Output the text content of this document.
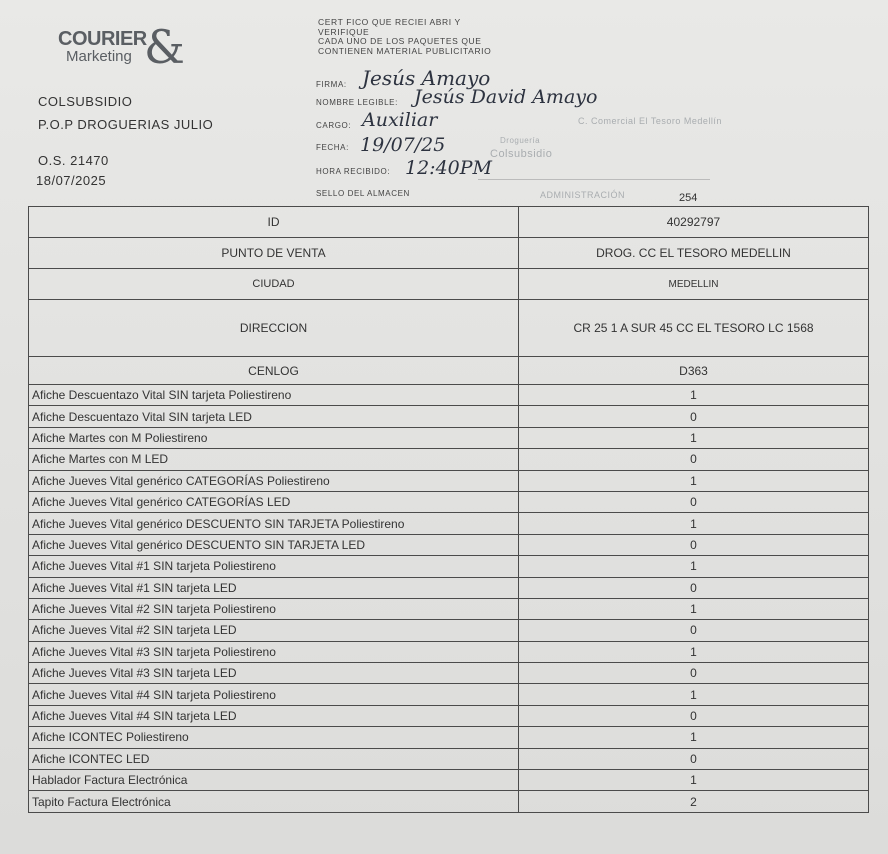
COURIER
Marketing &
COLSUBSIDIO
P.O.P DROGUERIAS JULIO
O.S. 21470
18/07/2025
CERT FICO QUE RECIEI ABRI Y
VERIFIQUE
CADA UNO DE LOS PAQUETES QUE
CONTIENEN MATERIAL PUBLICITARIO
FIRMA: Jesús Amayo
NOMBRE LEGIBLE: Jesús David Amayo
CARGO: Auxiliar
FECHA: 19/07/25
HORA RECIBIDO: 12:40PM
SELLO DEL ALMACEN
C. Comercial El Tesoro Medellín
Droguería
Colsubsidio
ADMINISTRACIÓN	254
ID	40292797
PUNTO DE VENTA	DROG. CC EL TESORO MEDELLIN
CIUDAD	MEDELLIN
DIRECCION	CR 25 1 A SUR 45 CC EL TESORO LC 1568
CENLOG	D363
Afiche Descuentazo Vital SIN tarjeta Poliestireno	1
Afiche Descuentazo Vital SIN tarjeta LED	0
Afiche Martes con M Poliestireno	1
Afiche Martes con M LED	0
Afiche Jueves Vital genérico CATEGORÍAS Poliestireno	1
Afiche Jueves Vital genérico CATEGORÍAS LED	0
Afiche Jueves Vital genérico DESCUENTO SIN TARJETA Poliestireno	1
Afiche Jueves Vital genérico DESCUENTO SIN TARJETA LED	0
Afiche Jueves Vital #1 SIN tarjeta Poliestireno	1
Afiche Jueves Vital #1 SIN tarjeta LED	0
Afiche Jueves Vital #2 SIN tarjeta Poliestireno	1
Afiche Jueves Vital #2 SIN tarjeta LED	0
Afiche Jueves Vital #3 SIN tarjeta Poliestireno	1
Afiche Jueves Vital #3 SIN tarjeta LED	0
Afiche Jueves Vital #4 SIN tarjeta Poliestireno	1
Afiche Jueves Vital #4 SIN tarjeta LED	0
Afiche ICONTEC Poliestireno	1
Afiche ICONTEC LED	0
Hablador Factura Electrónica	1
Tapito Factura Electrónica	2
